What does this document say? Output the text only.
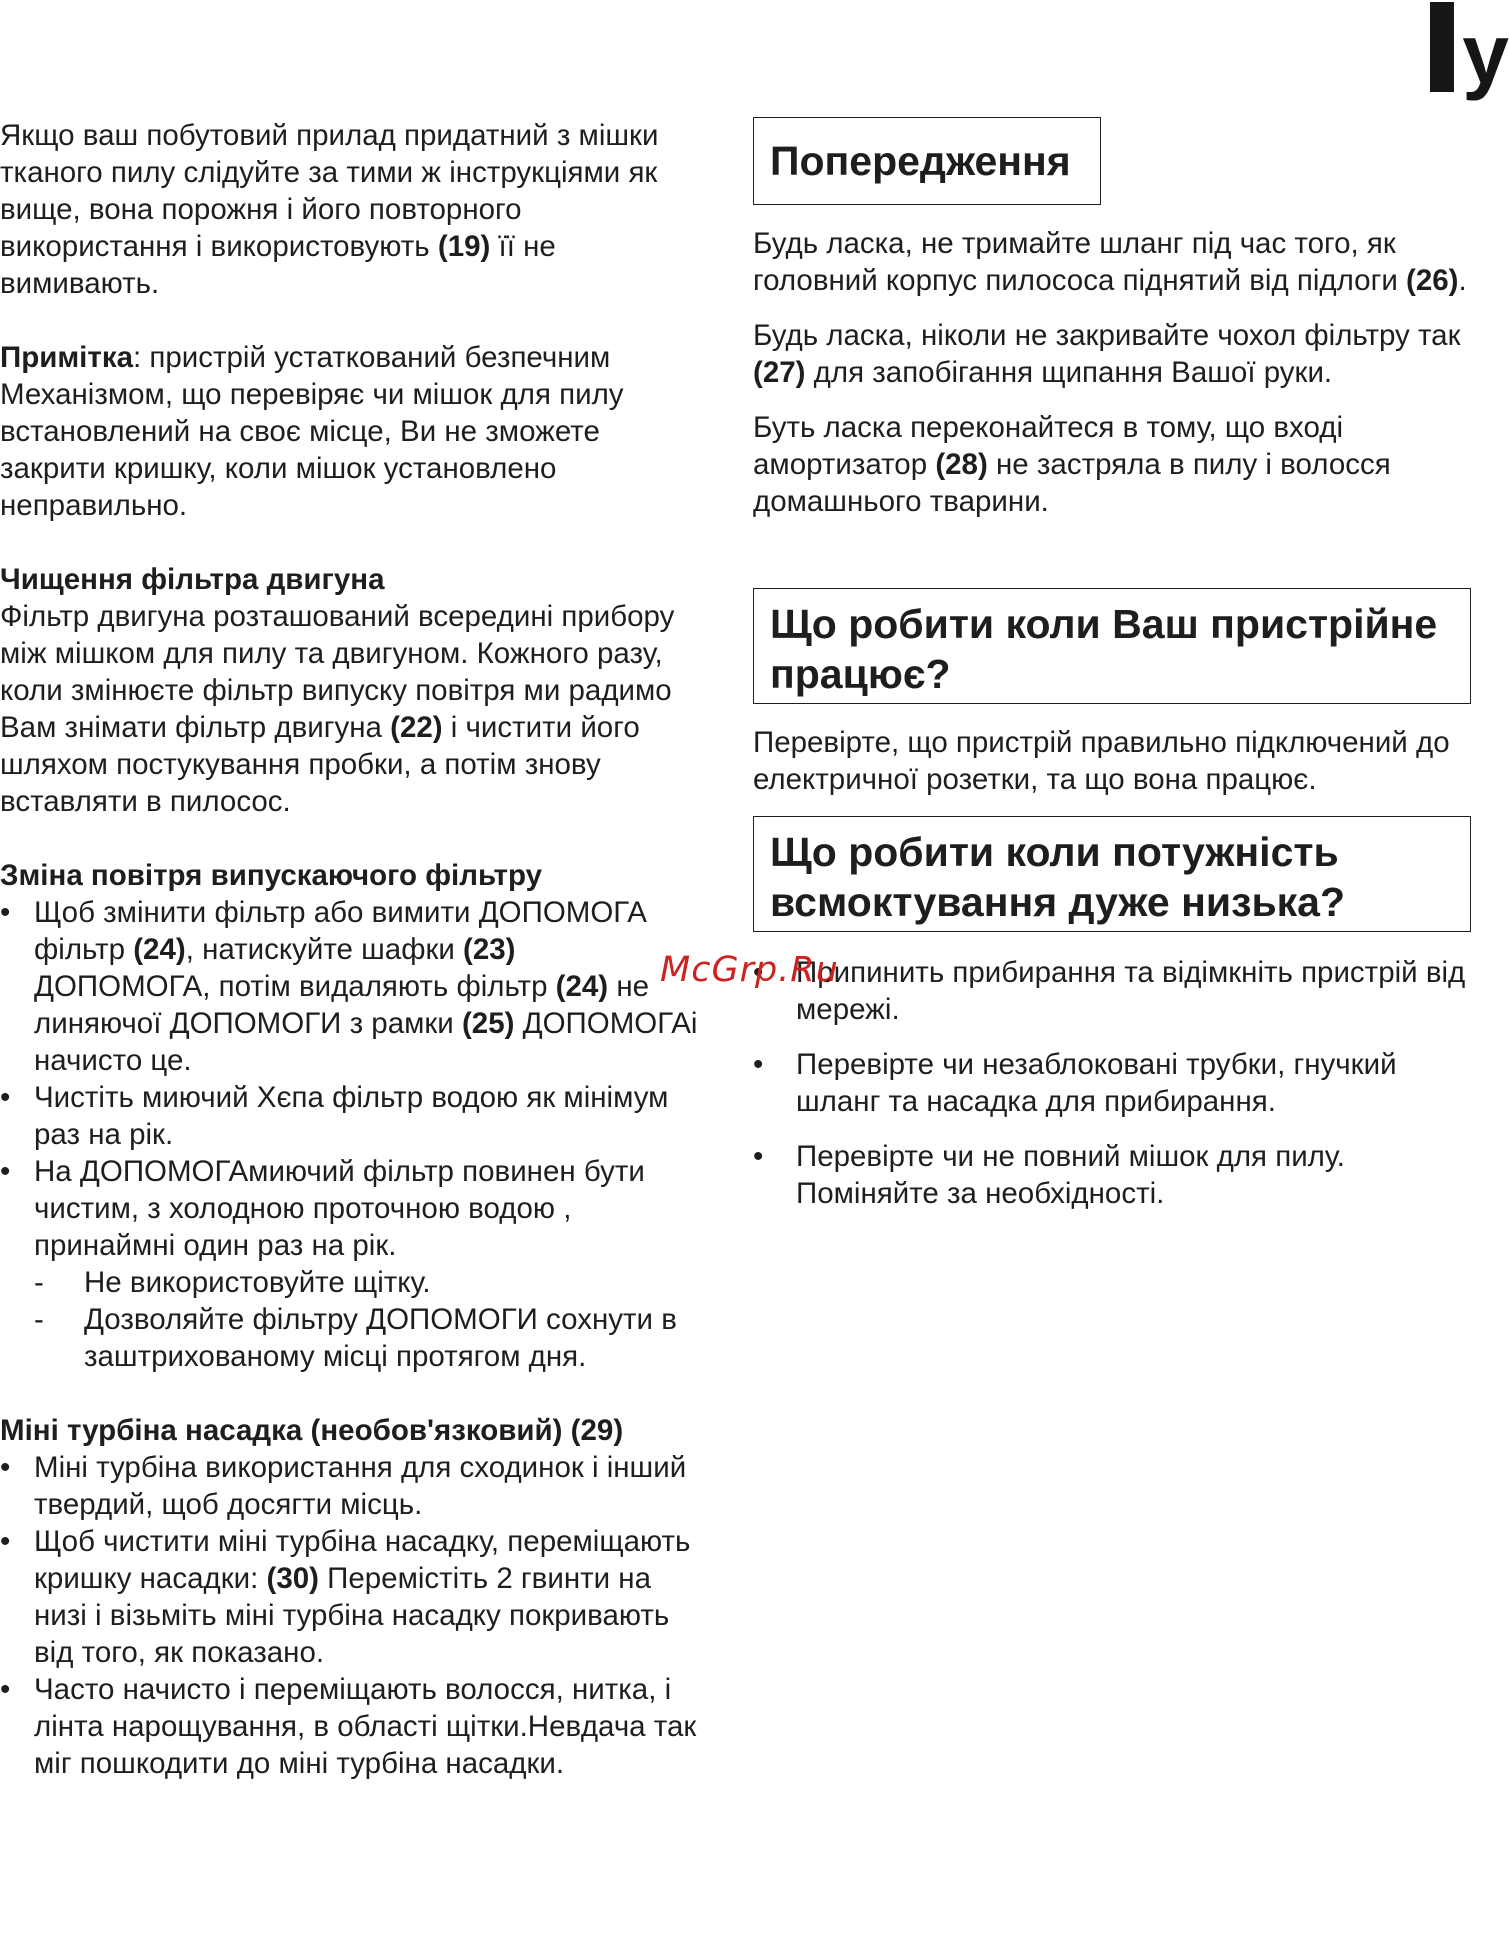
у

Якщо ваш побутовий прилад придатний з мішки тканого пилу слідуйте за тими ж інструкціями як вище, вона порожня і його повторного використання і використовують (19) її не вимивають.

Примітка: пристрій устаткований безпечним Механізмом, що перевіряє чи мішок для пилу встановлений на своє місце, Ви не зможете закрити кришку, коли мішок установлено неправильно.

Чищення фільтра двигуна

Фільтр двигуна розташований всередині прибору між мішком для пилу та двигуном. Кожного разу, коли змінюєте фільтр випуску повітря ми радимо Вам знімати фільтр двигуна (22) і чистити його шляхом постукування пробки, а потім знову вставляти в пилосос.

Зміна повітря випускаючого фільтру

• Щоб змінити фільтр або вимити ДОПОМОГА фільтр (24), натискуйте шафки (23) ДОПОМОГА, потім видаляють фільтр (24) не линяючої ДОПОМОГИ з рамки (25) ДОПОМОГАі начисто це.
• Чистіть миючий Хєпа фільтр водою як мінімум раз на рік.
• На ДОПОМОГАмиючий фільтр повинен бути чистим, з холодною проточною водою , принаймні один раз на рік.
- Не використовуйте щітку.
- Дозволяйте фільтру ДОПОМОГИ сохнути в заштрихованому місці протягом дня.

Міні турбіна насадка (необов'язковий) (29)

• Міні турбіна використання для сходинок і інший твердий, щоб досягти місць.
• Щоб чистити міні турбіна насадку, переміщають кришку насадки: (30) Перемістіть 2 гвинти на низі і візьміть міні турбіна насадку покривають від того, як показано.
• Часто начисто і переміщають волосся, нитка, і лінта нарощування, в області щітки.Невдача так міг пошкодити до міні турбіна насадки.
Попередження

Будь ласка, не тримайте шланг під час того, як головний корпус пилососа піднятий від підлоги (26).

Будь ласка, ніколи не закривайте чохол фільтру так (27) для запобігання щипання Вашої руки.

Буть ласка переконайтеся в тому, що вході амортизатор (28) не застряла в пилу і волосся домашнього тварини.

Що робити коли Ваш пристрійне працює?

Перевірте, що пристрій правильно підключений до електричної розетки, та що вона працює.

Що робити коли потужність всмоктування дуже низька?
• Припинить прибирання та відімкніть пристрій від мережі.
• Перевірте чи незаблоковані трубки, гнучкий шланг та насадка для прибирання.
• Перевірте чи не повний мішок для пилу. Поміняйте за необхідності.
McGrp.Ru
